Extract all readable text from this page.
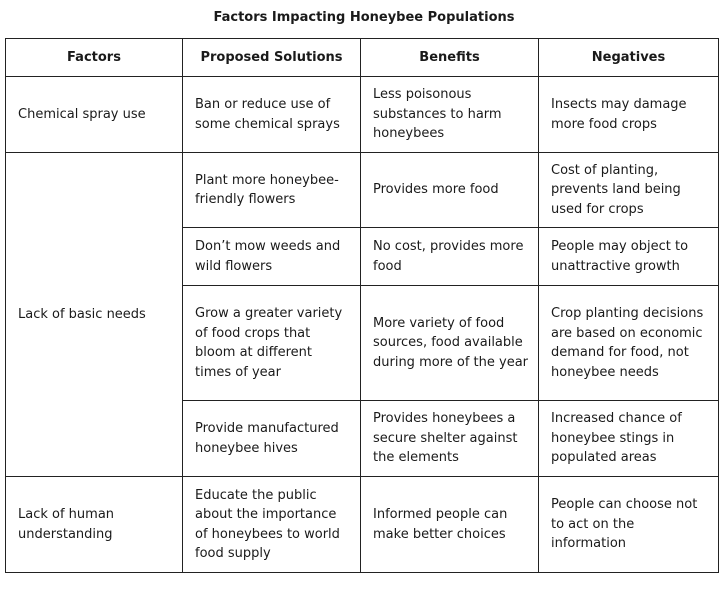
Factors Impacting Honeybee Populations
Factors	Proposed Solutions	Benefits	Negatives
Chemical spray use	Ban or reduce use of some chemical sprays	Less poisonous substances to harm honeybees	Insects may damage more food crops
Lack of basic needs	Plant more honeybee-friendly flowers	Provides more food	Cost of planting, prevents land being used for crops
	Don’t mow weeds and wild flowers	No cost, provides more food	People may object to unattractive growth
	Grow a greater variety of food crops that bloom at different times of year	More variety of food sources, food available during more of the year	Crop planting decisions are based on economic demand for food, not honeybee needs
	Provide manufactured honeybee hives	Provides honeybees a secure shelter against the elements	Increased chance of honeybee stings in populated areas
Lack of human understanding	Educate the public about the importance of honeybees to world food supply	Informed people can make better choices	People can choose not to act on the information
